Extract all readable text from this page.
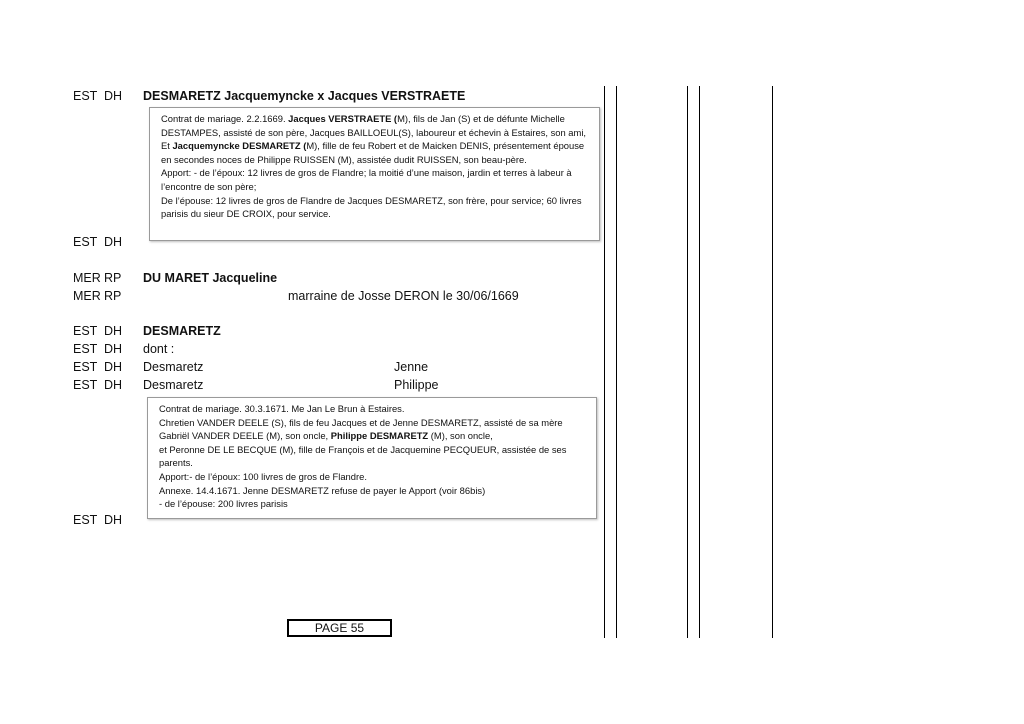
EST DH DESMARETZ Jacquemyncke x Jacques VERSTRAETE

Contrat de mariage. 2.2.1669. Jacques VERSTRAETE (M), fils de Jan (S) et de défunte Michelle DESTAMPES, assisté de son père, Jacques BAILLOEUL(S), laboureur et échevin à Estaires, son ami,

Et Jacquemyncke DESMARETZ (M), fille de feu Robert et de Maicken DENIS, présentement épouse en secondes noces de Philippe RUISSEN (M), assistée dudit RUISSEN, son beau-père.

Apport: - de l’époux: 12 livres de gros de Flandre; la moitié d’une maison, jardin et terres à labeur à l’encontre de son père;

De l’épouse: 12 livres de gros de Flandre de Jacques DESMARETZ, son frère, pour service; 60 livres parisis du sieur DE CROIX, pour service.

EST DH
MER RP DU MARET Jacqueline
MER RP	marraine de Josse DERON le 30/06/1669
EST DH DESMARETZ
EST DH dont :
EST DH Desmaretz	Jenne
EST DH Desmaretz	Philippe

Contrat de mariage. 30.3.1671. Me Jan Le Brun à Estaires.

Chretien VANDER DEELE (S), fils de feu Jacques et de Jenne DESMARETZ, assisté de sa mère

Gabriël VANDER DEELE (M), son oncle, Philippe DESMARETZ (M), son oncle,

et Peronne DE LE BECQUE (M), fille de François et de Jacquemine PECQUEUR, assistée de ses parents.

Apport:- de l’époux: 100 livres de gros de Flandre.

Annexe. 14.4.1671. Jenne DESMARETZ refuse de payer le Apport (voir 86bis)

- de l’épouse: 200 livres parisis

EST DH
PAGE 55
